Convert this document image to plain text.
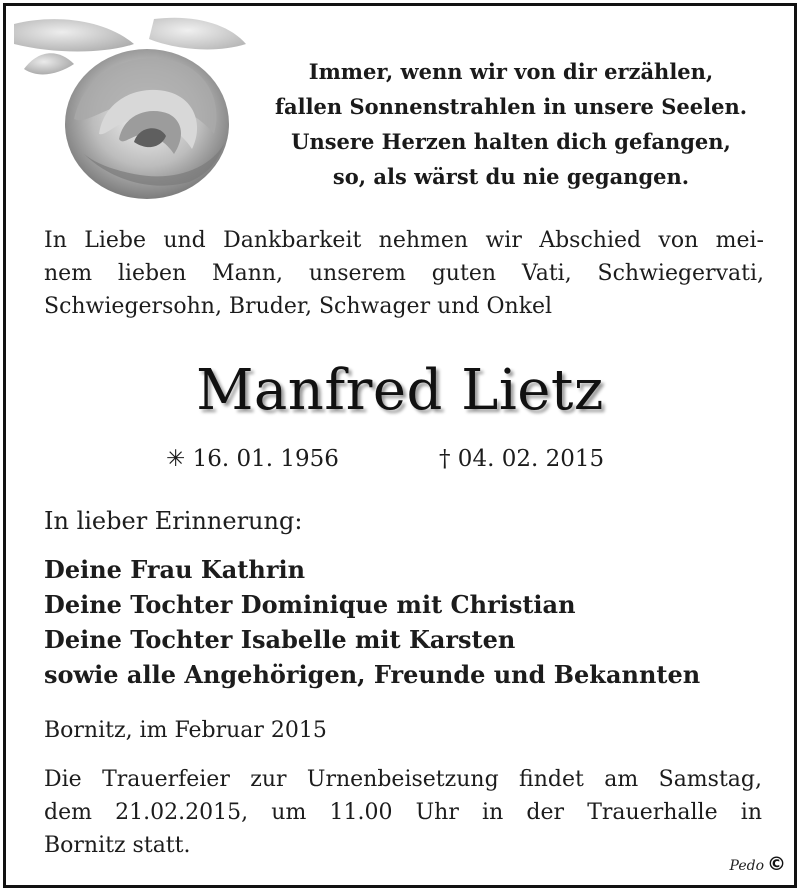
Immer, wenn wir von dir erzählen,
fallen Sonnenstrahlen in unsere Seelen.
Unsere Herzen halten dich gefangen,
so, als wärst du nie gegangen.
In Liebe und Dankbarkeit nehmen wir Abschied von mei-
nem lieben Mann, unserem guten Vati, Schwiegervati,
Schwiegersohn, Bruder, Schwager und Onkel
Manfred Lietz
✳ 16. 01. 1956	† 04. 02. 2015
In lieber Erinnerung:
Deine Frau Kathrin
Deine Tochter Dominique mit Christian
Deine Tochter Isabelle mit Karsten
sowie alle Angehörigen, Freunde und Bekannten
Bornitz, im Februar 2015
Die Trauerfeier zur Urnenbeisetzung findet am Samstag,
dem 21.02.2015, um 11.00 Uhr in der Trauerhalle in
Bornitz statt.
Pedo ©
